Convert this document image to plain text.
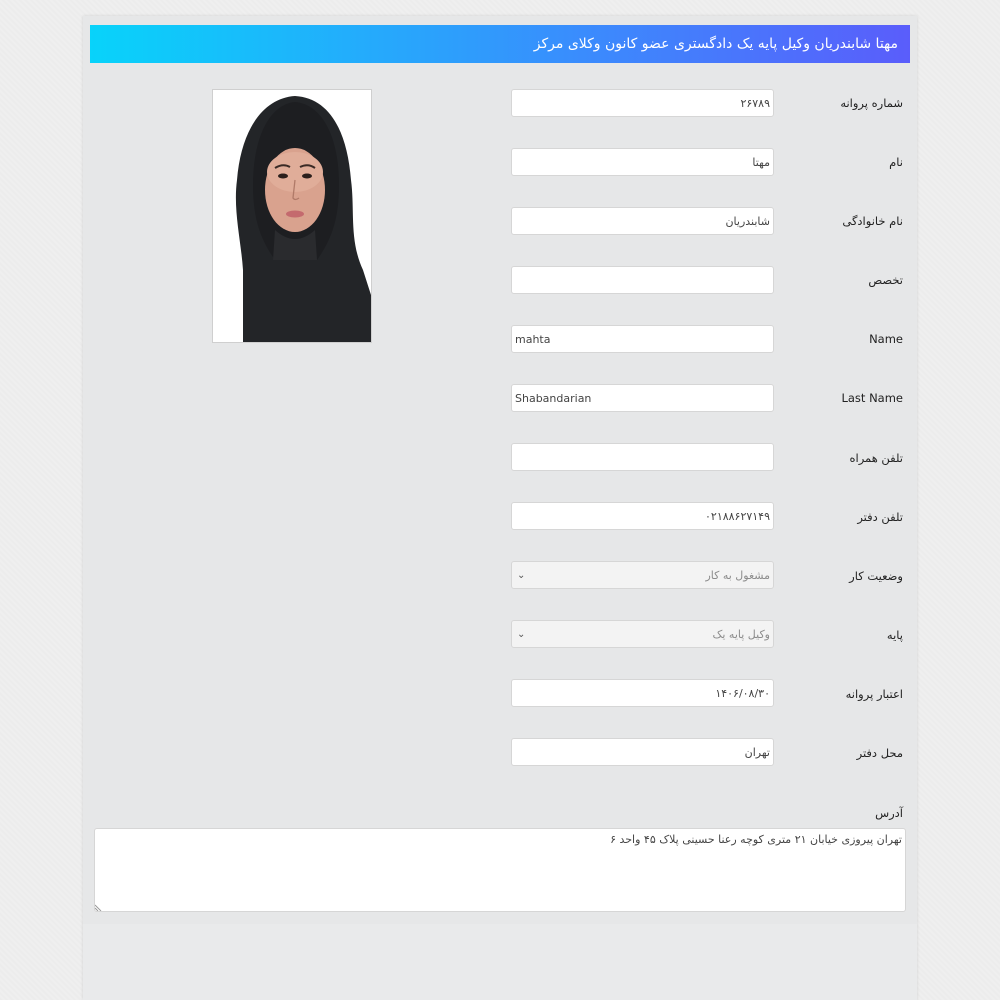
مهتا شابندریان وکیل پایه یک دادگستری عضو کانون وکلای مرکز
شماره پروانه
۲۶۷۸۹
نام
مهتا
نام خانوادگی
شابندریان
تخصص
Name
mahta
Last Name
Shabandarian
تلفن همراه
تلفن دفتر
۰۲۱۸۸۶۲۷۱۴۹
وضعیت کار
⌄	مشغول به کار
پایه
⌄	وکیل پایه یک
اعتبار پروانه
۱۴۰۶/۰۸/۳۰
محل دفتر
تهران
آدرس
تهران پیروزی خیابان ۲۱ متری کوچه رعنا حسینی پلاک ۴۵ واحد ۶
